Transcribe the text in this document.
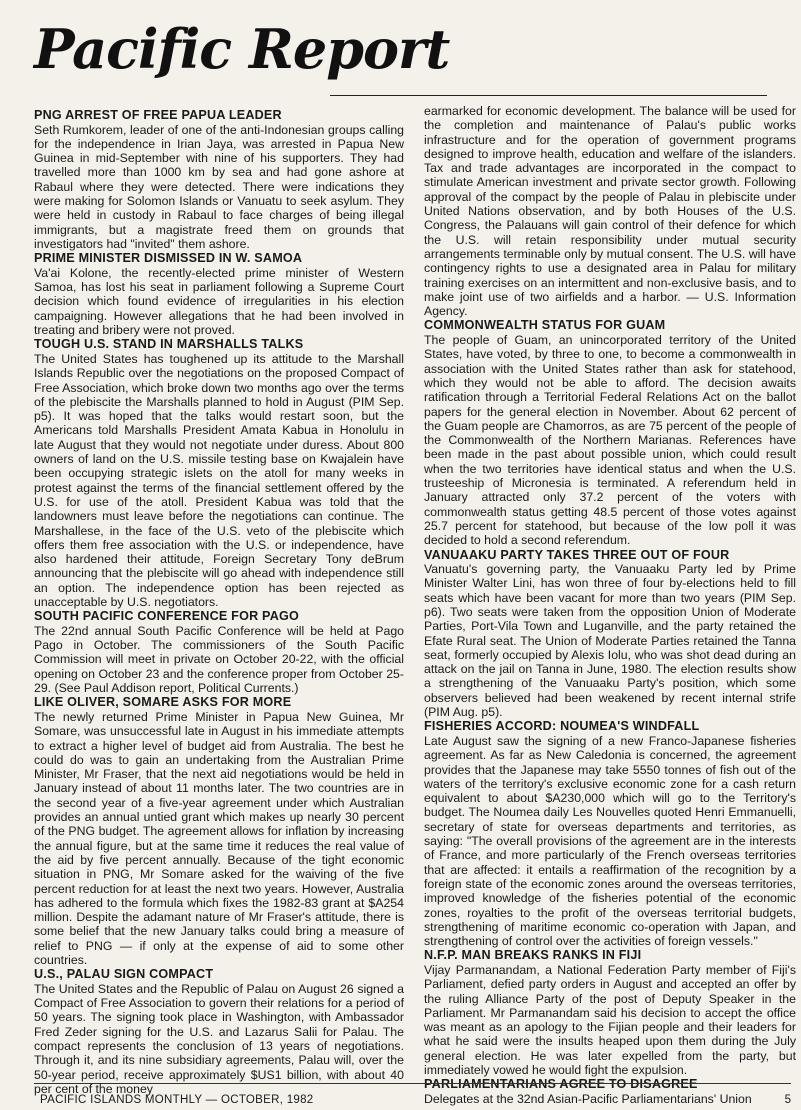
Pacific Report

PNG ARREST OF FREE PAPUA LEADER

Seth Rumkorem, leader of one of the anti-Indonesian groups calling for the independence in Irian Jaya, was arrested in Papua New Guinea in mid-September with nine of his supporters. They had travelled more than 1000 km by sea and had gone ashore at Rabaul where they were detected. There were indications they were making for Solomon Islands or Vanuatu to seek asylum. They were held in custody in Rabaul to face charges of being illegal immigrants, but a magistrate freed them on grounds that investigators had "invited" them ashore.

PRIME MINISTER DISMISSED IN W. SAMOA

Va'ai Kolone, the recently-elected prime minister of Western Samoa, has lost his seat in parliament following a Supreme Court decision which found evidence of irregularities in his election campaigning. However allegations that he had been involved in treating and bribery were not proved.

TOUGH U.S. STAND IN MARSHALLS TALKS

The United States has toughened up its attitude to the Marshall Islands Republic over the negotiations on the proposed Compact of Free Association, which broke down two months ago over the terms of the plebiscite the Marshalls planned to hold in August (PIM Sep. p5). It was hoped that the talks would restart soon, but the Americans told Marshalls President Amata Kabua in Honolulu in late August that they would not negotiate under duress. About 800 owners of land on the U.S. missile testing base on Kwajalein have been occupying strategic islets on the atoll for many weeks in protest against the terms of the financial settlement offered by the U.S. for use of the atoll. President Kabua was told that the landowners must leave before the negotiations can continue. The Marshallese, in the face of the U.S. veto of the plebiscite which offers them free association with the U.S. or independence, have also hardened their attitude, Foreign Secretary Tony deBrum announcing that the plebiscite will go ahead with independence still an option. The independence option has been rejected as unacceptable by U.S. negotiators.

SOUTH PACIFIC CONFERENCE FOR PAGO

The 22nd annual South Pacific Conference will be held at Pago Pago in October. The commissioners of the South Pacific Commission will meet in private on October 20-22, with the official opening on October 23 and the conference proper from October 25-29. (See Paul Addison report, Political Currents.)

LIKE OLIVER, SOMARE ASKS FOR MORE

The newly returned Prime Minister in Papua New Guinea, Mr Somare, was unsuccessful late in August in his immediate attempts to extract a higher level of budget aid from Australia. The best he could do was to gain an undertaking from the Australian Prime Minister, Mr Fraser, that the next aid negotiations would be held in January instead of about 11 months later. The two countries are in the second year of a five-year agreement under which Australian provides an annual untied grant which makes up nearly 30 percent of the PNG budget. The agreement allows for inflation by increasing the annual figure, but at the same time it reduces the real value of the aid by five percent annually. Because of the tight economic situation in PNG, Mr Somare asked for the waiving of the five percent reduction for at least the next two years. However, Australia has adhered to the formula which fixes the 1982-83 grant at $A254 million. Despite the adamant nature of Mr Fraser's attitude, there is some belief that the new January talks could bring a measure of relief to PNG — if only at the expense of aid to some other countries.

U.S., PALAU SIGN COMPACT

The United States and the Republic of Palau on August 26 signed a Compact of Free Association to govern their relations for a period of 50 years. The signing took place in Washington, with Ambassador Fred Zeder signing for the U.S. and Lazarus Salii for Palau. The compact represents the conclusion of 13 years of negotiations. Through it, and its nine subsidiary agreements, Palau will, over the 50-year period, receive approximately $US1 billion, with about 40 per cent of the money

earmarked for economic development. The balance will be used for the completion and maintenance of Palau's public works infrastructure and for the operation of government programs designed to improve health, education and welfare of the islanders. Tax and trade advantages are incorporated in the compact to stimulate American investment and private sector growth. Following approval of the compact by the people of Palau in plebiscite under United Nations observation, and by both Houses of the U.S. Congress, the Palauans will gain control of their defence for which the U.S. will retain responsibility under mutual security arrangements terminable only by mutual consent. The U.S. will have contingency rights to use a designated area in Palau for military training exercises on an intermittent and non-exclusive basis, and to make joint use of two airfields and a harbor. — U.S. Information Agency.

COMMONWEALTH STATUS FOR GUAM

The people of Guam, an unincorporated territory of the United States, have voted, by three to one, to become a commonwealth in association with the United States rather than ask for statehood, which they would not be able to afford. The decision awaits ratification through a Territorial Federal Relations Act on the ballot papers for the general election in November. About 62 percent of the Guam people are Chamorros, as are 75 percent of the people of the Commonwealth of the Northern Marianas. References have been made in the past about possible union, which could result when the two territories have identical status and when the U.S. trusteeship of Micronesia is terminated. A referendum held in January attracted only 37.2 percent of the voters with commonwealth status getting 48.5 percent of those votes against 25.7 percent for statehood, but because of the low poll it was decided to hold a second referendum.

VANUAAKU PARTY TAKES THREE OUT OF FOUR

Vanuatu's governing party, the Vanuaaku Party led by Prime Minister Walter Lini, has won three of four by-elections held to fill seats which have been vacant for more than two years (PIM Sep. p6). Two seats were taken from the opposition Union of Moderate Parties, Port-Vila Town and Luganville, and the party retained the Efate Rural seat. The Union of Moderate Parties retained the Tanna seat, formerly occupied by Alexis Iolu, who was shot dead during an attack on the jail on Tanna in June, 1980. The election results show a strengthening of the Vanuaaku Party's position, which some observers believed had been weakened by recent internal strife (PIM Aug. p5).

FISHERIES ACCORD: NOUMEA'S WINDFALL

Late August saw the signing of a new Franco-Japanese fisheries agreement. As far as New Caledonia is concerned, the agreement provides that the Japanese may take 5550 tonnes of fish out of the waters of the territory's exclusive economic zone for a cash return equivalent to about $A230,000 which will go to the Territory's budget. The Noumea daily Les Nouvelles quoted Henri Emmanuelli, secretary of state for overseas departments and territories, as saying: "The overall provisions of the agreement are in the interests of France, and more particularly of the French overseas territories that are affected: it entails a reaffirmation of the recognition by a foreign state of the economic zones around the overseas territories, improved knowledge of the fisheries potential of the economic zones, royalties to the profit of the overseas territorial budgets, strengthening of maritime economic co-operation with Japan, and strengthening of control over the activities of foreign vessels."

N.F.P. MAN BREAKS RANKS IN FIJI

Vijay Parmanandam, a National Federation Party member of Fiji's Parliament, defied party orders in August and accepted an offer by the ruling Alliance Party of the post of Deputy Speaker in the Parliament. Mr Parmanandam said his decision to accept the office was meant as an apology to the Fijian people and their leaders for what he said were the insults heaped upon them during the July general election. He was later expelled from the party, but immediately vowed he would fight the expulsion.

PARLIAMENTARIANS AGREE TO DISAGREE

Delegates at the 32nd Asian-Pacific Parliamentarians' Union

PACIFIC ISLANDS MONTHLY — OCTOBER, 1982	5
